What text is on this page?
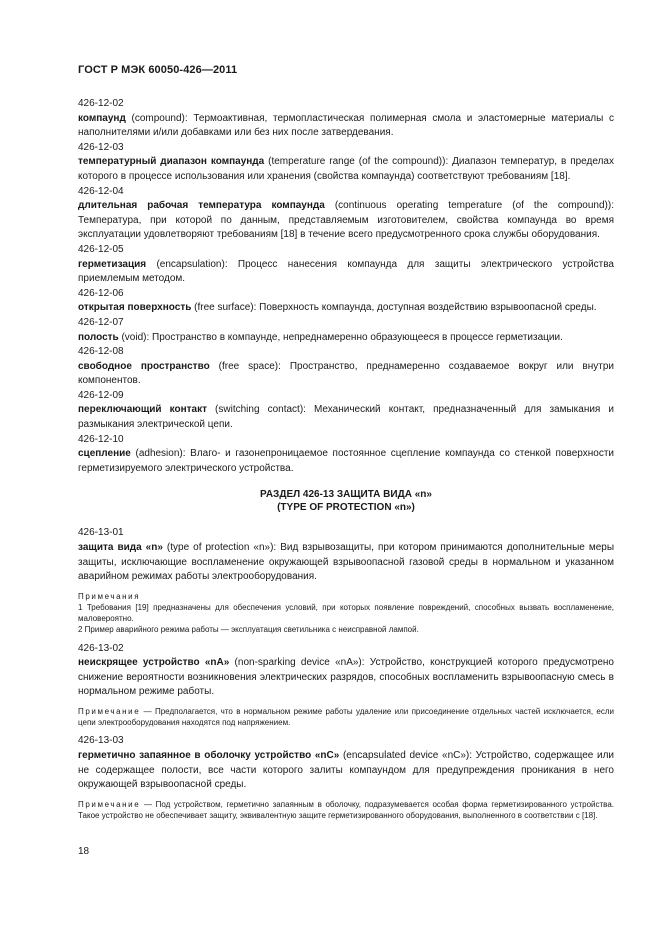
ГОСТ Р МЭК 60050-426—2011

426-12-02

компаунд (compound): Термоактивная, термопластическая полимерная смола и эластомерные материалы с наполнителями и/или добавками или без них после затвердевания.

426-12-03

температурный диапазон компаунда (temperature range (of the compound)): Диапазон температур, в пределах которого в процессе использования или хранения (свойства компаунда) соответствуют требованиям [18].

426-12-04

длительная рабочая температура компаунда (continuous operating temperature (of the compound)): Температура, при которой по данным, представляемым изготовителем, свойства компаунда во время эксплуатации удовлетворяют требованиям [18] в течение всего предусмотренного срока службы оборудования.

426-12-05

герметизация (encapsulation): Процесс нанесения компаунда для защиты электрического устройства приемлемым методом.

426-12-06

открытая поверхность (free surface): Поверхность компаунда, доступная воздействию взрывоопасной среды.

426-12-07

полость (void): Пространство в компаунде, непреднамеренно образующееся в процессе герметизации.

426-12-08

свободное пространство (free space): Пространство, преднамеренно создаваемое вокруг или внутри компонентов.

426-12-09

переключающий контакт (switching contact): Механический контакт, предназначенный для замыкания и размыкания электрической цепи.

426-12-10

сцепление (adhesion): Влаго- и газонепроницаемое постоянное сцепление компаунда со стенкой поверхности герметизируемого электрического устройства.

РАЗДЕЛ 426-13 ЗАЩИТА ВИДА «n»
(TYPE OF PROTECTION «n»)

426-13-01

защита вида «n» (type of protection «n»): Вид взрывозащиты, при котором принимаются дополнительные меры защиты, исключающие воспламенение окружающей взрывоопасной газовой среды в нормальном и указанном аварийном режимах работы электрооборудования.

Примечания

1 Требования [19] предназначены для обеспечения условий, при которых появление повреждений, способных вызвать воспламенение, маловероятно.

2 Пример аварийного режима работы — эксплуатация светильника с неисправной лампой.

426-13-02

неискрящее устройство «nA» (non-sparking device «nA»): Устройство, конструкцией которого предусмотрено снижение вероятности возникновения электрических разрядов, способных воспламенить взрывоопасную смесь в нормальном режиме работы.

Примечание — Предполагается, что в нормальном режиме работы удаление или присоединение отдельных частей исключается, если цепи электрооборудования находятся под напряжением.

426-13-03

герметично запаянное в оболочку устройство «nC» (encapsulated device «nC»): Устройство, содержащее или не содержащее полости, все части которого залиты компаундом для предупреждения проникания в него окружающей взрывоопасной среды.

Примечание — Под устройством, герметично запаянным в оболочку, подразумевается особая форма герметизированного устройства. Такое устройство не обеспечивает защиту, эквивалентную защите герметизированного оборудования, выполненного в соответствии с [18].

18
